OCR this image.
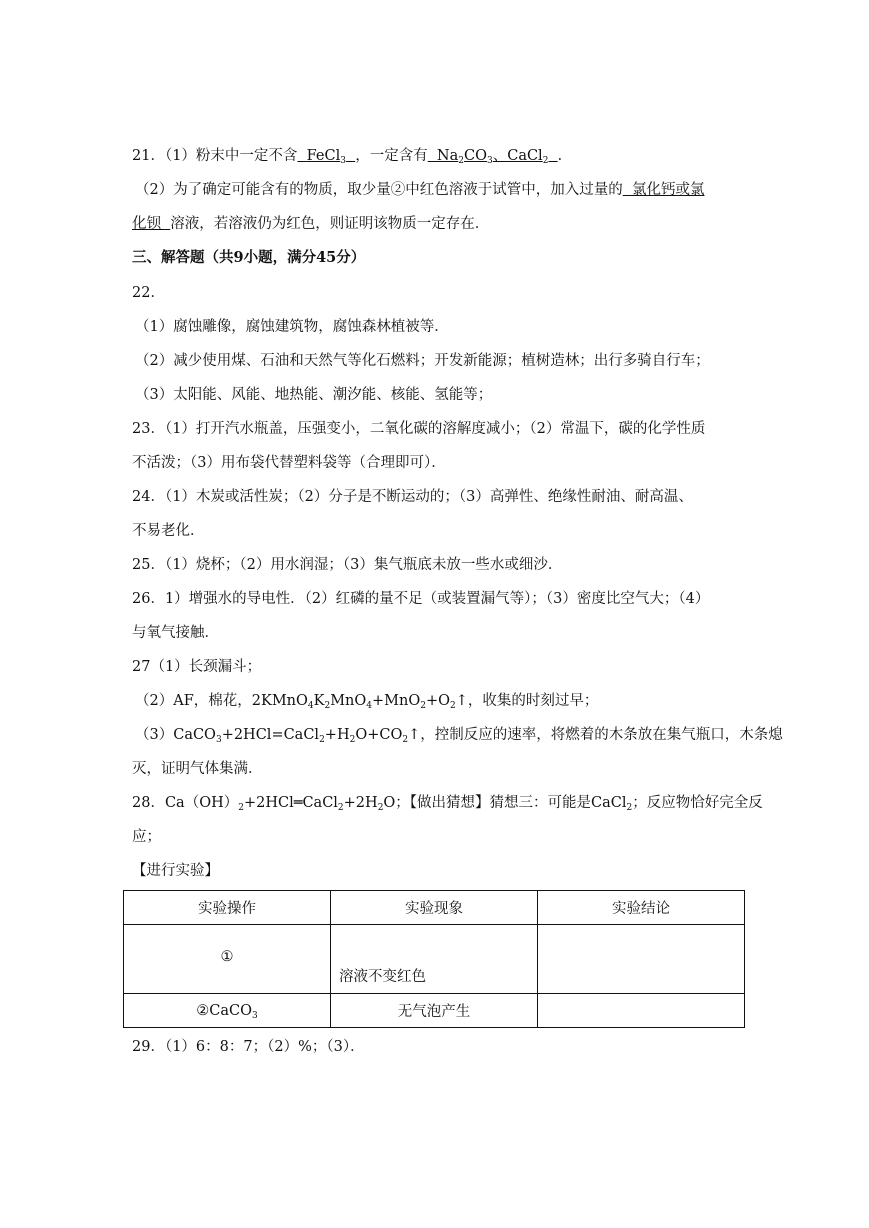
21．（1）粉末中一定不含 FeCl$_3$ ，一定含有 $Na_2CO_3$、CaCl$_2$ ．
（2）为了确定可能含有的物质，取少量②中红色溶液于试管中，加入过量的 氯化钙或氯
化钡 溶液，若溶液仍为红色，则证明该物质一定存在．
三、解答题（共9小题，满分45分）
22．
（1）腐蚀雕像，腐蚀建筑物，腐蚀森林植被等．
（2）减少使用煤、石油和天然气等化石燃料；开发新能源；植树造林；出行多骑自行车；
（3）太阳能、风能、地热能、潮汐能、核能、氢能等；
23．（1）打开汽水瓶盖，压强变小，二氧化碳的溶解度减小；（2）常温下，碳的化学性质
不活泼；（3）用布袋代替塑料袋等（合理即可）．
24．（1）木炭或活性炭；（2）分子是不断运动的；（3）高弹性、绝缘性耐油、耐高温、
不易老化．
25．（1）烧杯；（2）用水润湿；（3）集气瓶底未放一些水或细沙．
26．1）增强水的导电性．（2）红磷的量不足（或装置漏气等）；（3）密度比空气大；（4）
与氧气接触．
27（1）长颈漏斗；
（2）AF，棉花，$2KMnO_4K_2MnO_4+MnO_2+O_2↑$，收集的时刻过早；
$(3)CaCO_3+2HCl=CaCl_2+H_2O+CO_2↑$，控制反应的速率，将燃着的木条放在集气瓶口，木条熄
灭，证明气体集满．
28．$Ca(OH)_2+2HCl═CaCl_2+2H_2O$；【做出猜想】猜想三：可能是CaCl$_2$；反应物恰好完全反
应；
【进行实验】
实验操作	实验现象	实验结论

①	溶液不变红色	

②CaCO$_3$	无气泡产生	
29．（1）6：8：7；（2）%；（3）．
